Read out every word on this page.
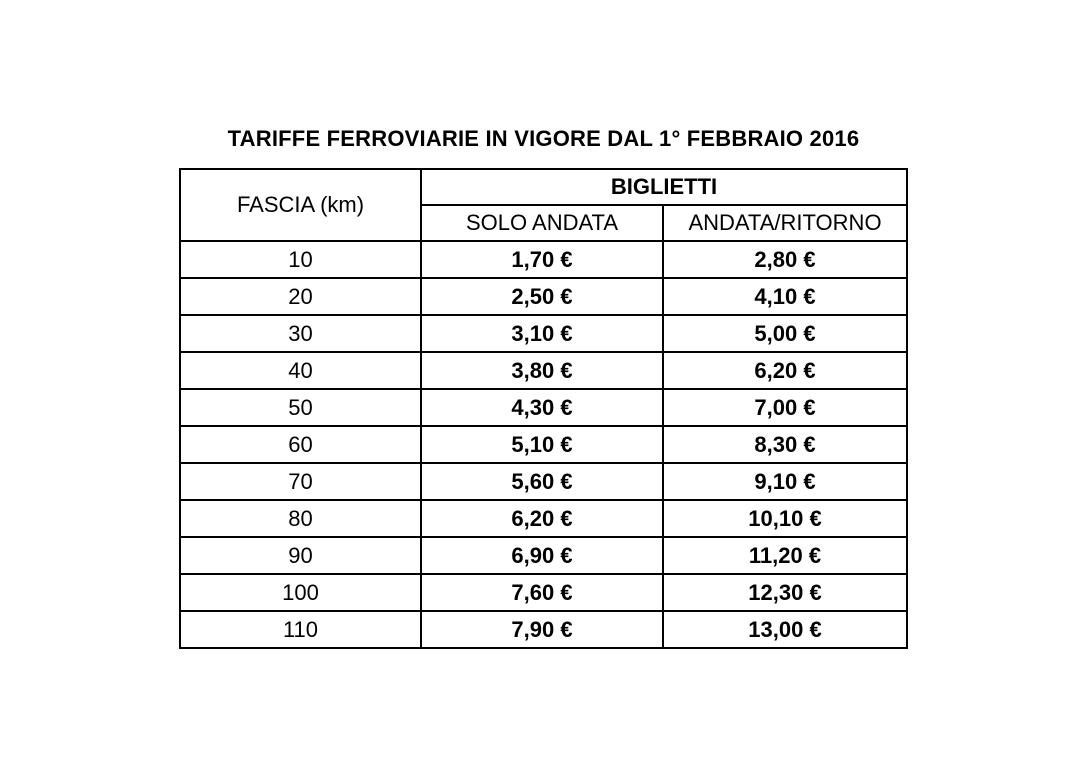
TARIFFE FERROVIARIE IN VIGORE DAL 1° FEBBRAIO 2016
FASCIA (km)	BIGLIETTI	
	SOLO ANDATA	ANDATA/RITORNO
10	1,70 €	2,80 €
20	2,50 €	4,10 €
30	3,10 €	5,00 €
40	3,80 €	6,20 €
50	4,30 €	7,00 €
60	5,10 €	8,30 €
70	5,60 €	9,10 €
80	6,20 €	10,10 €
90	6,90 €	11,20 €
100	7,60 €	12,30 €
110	7,90 €	13,00 €
